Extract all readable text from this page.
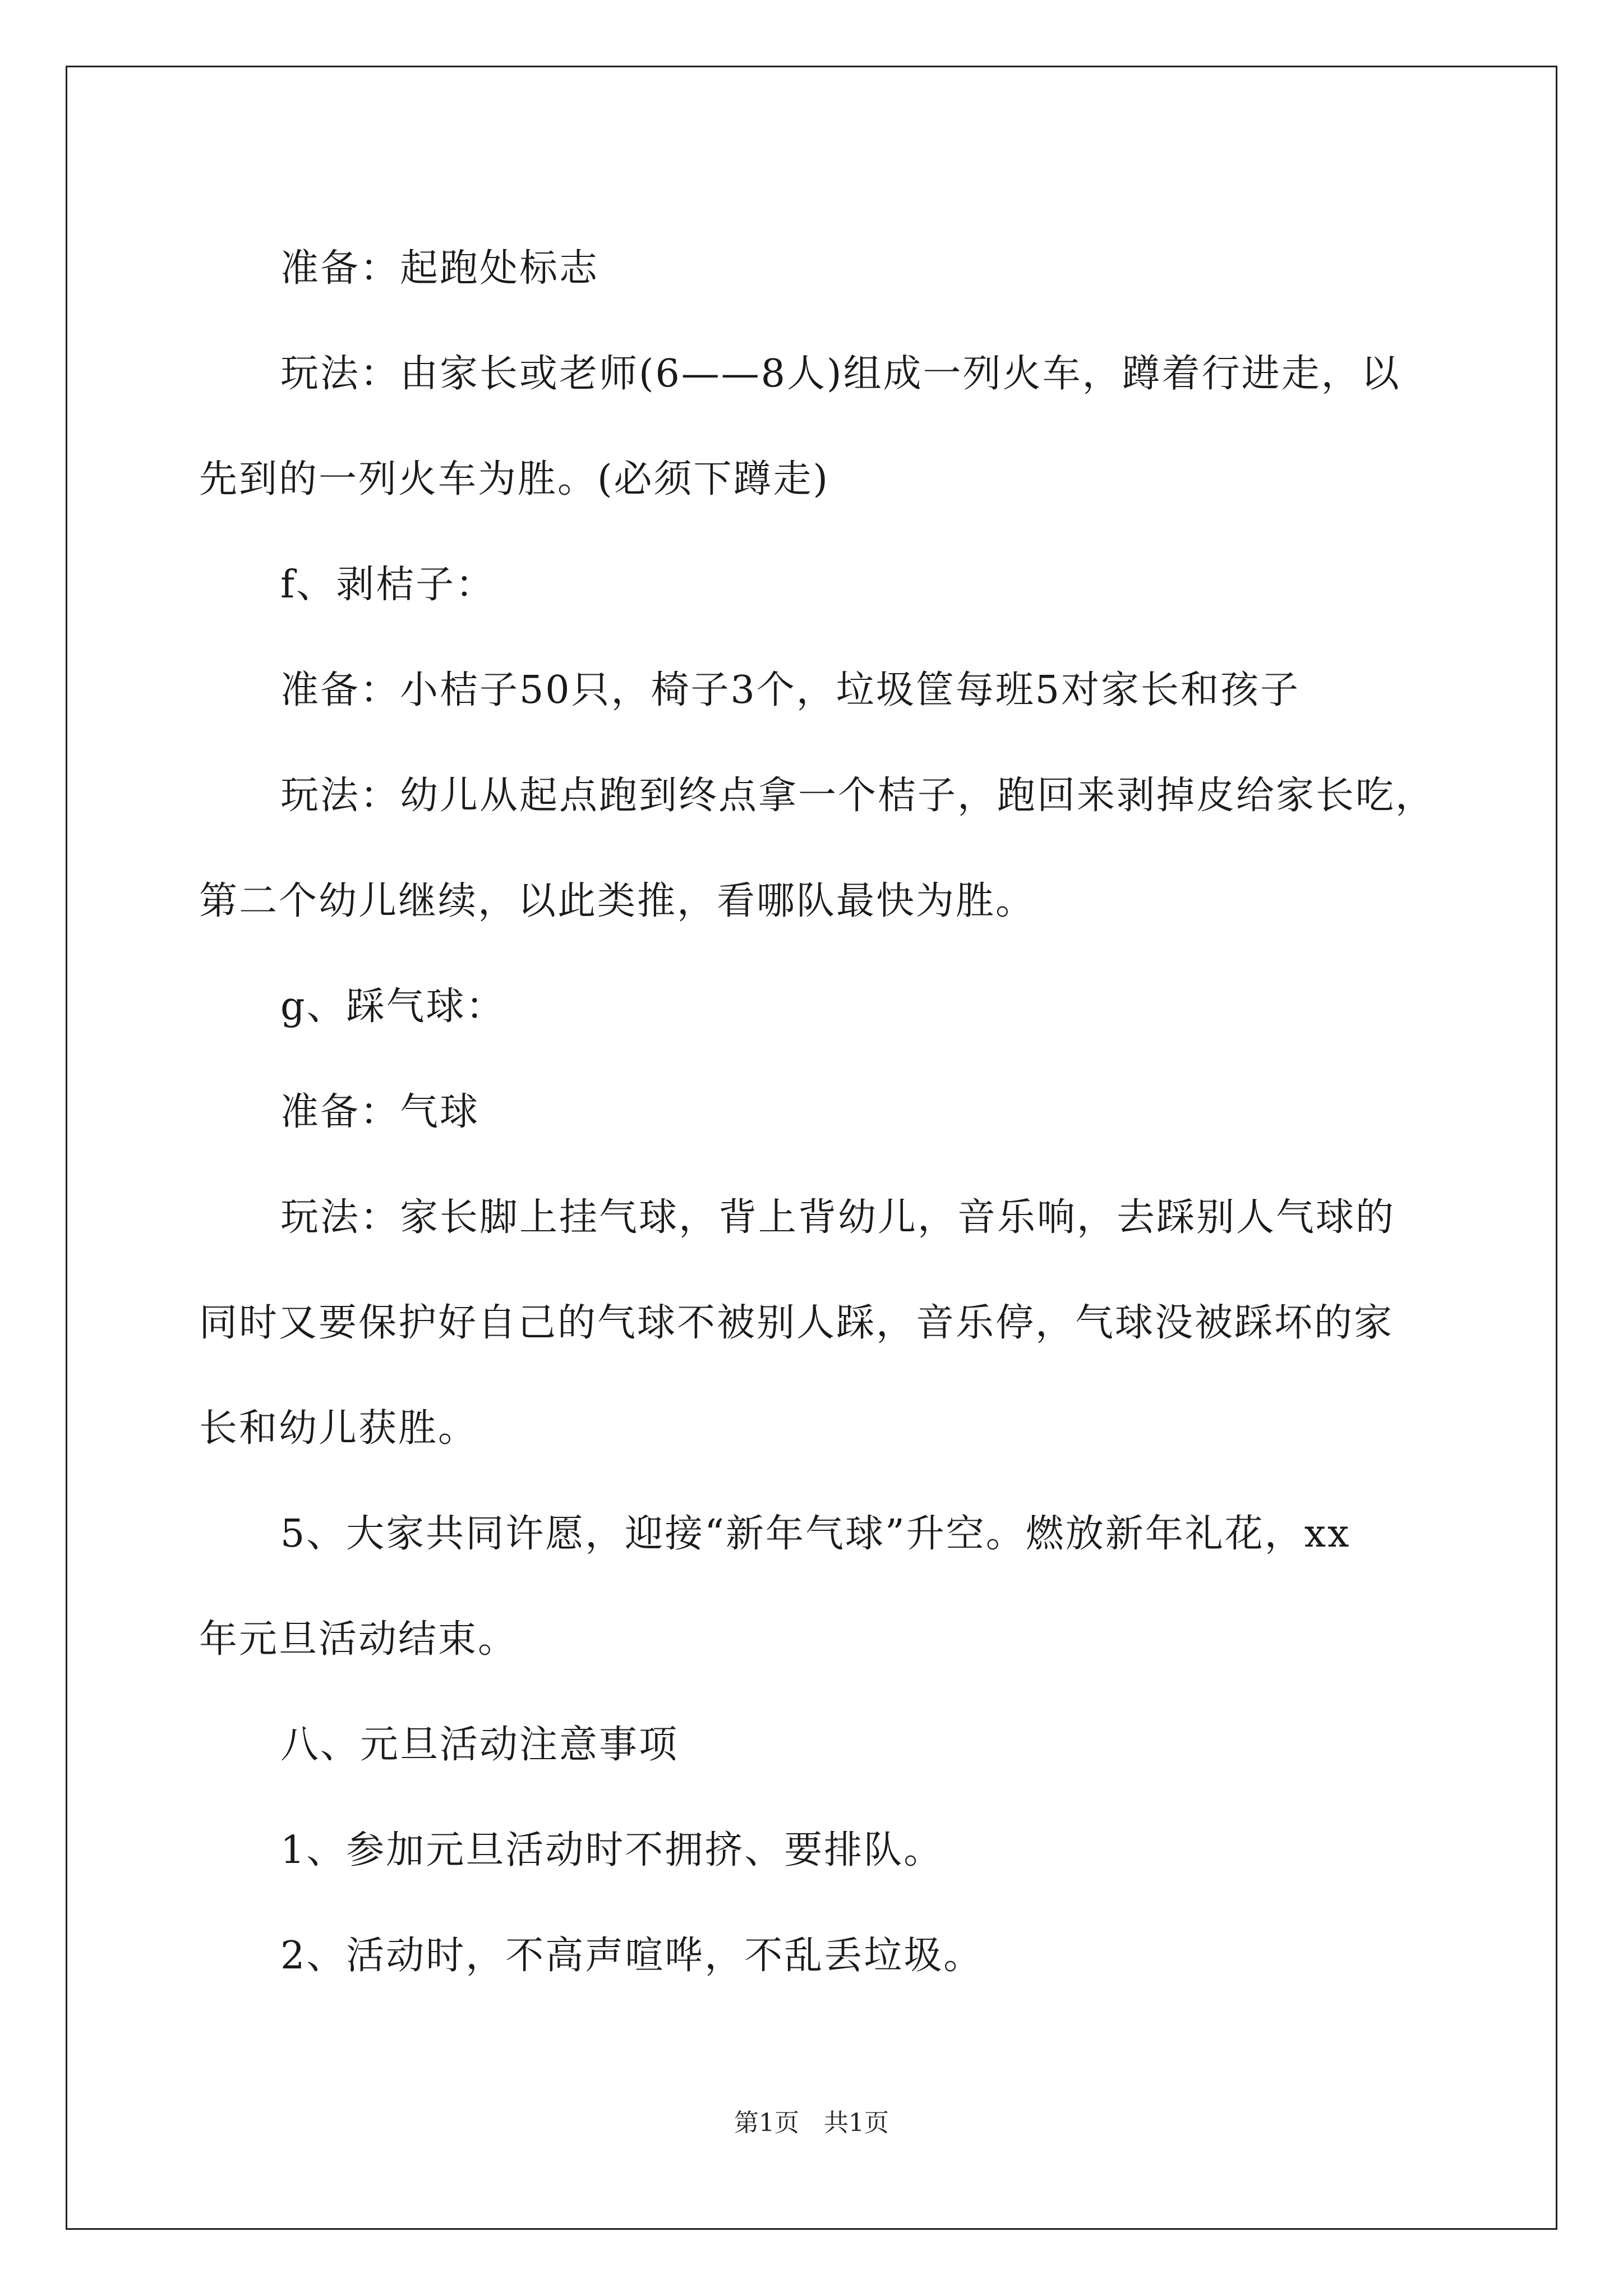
准备：起跑处标志

玩法：由家长或老师(6——8人)组成一列火车，蹲着行进走，以
先到的一列火车为胜。(必须下蹲走)

f、剥桔子：

准备：小桔子50只，椅子3个，垃圾筐每班5对家长和孩子

玩法：幼儿从起点跑到终点拿一个桔子，跑回来剥掉皮给家长吃，
第二个幼儿继续，以此类推，看哪队最快为胜。

g、踩气球：

准备：气球

玩法：家长脚上挂气球，背上背幼儿，音乐响，去踩别人气球的
同时又要保护好自己的气球不被别人踩，音乐停，气球没被踩坏的家
长和幼儿获胜。

5、大家共同许愿，迎接“新年气球”升空。燃放新年礼花，xx
年元旦活动结束。

八、元旦活动注意事项

1、参加元旦活动时不拥挤、要排队。

2、活动时，不高声喧哗，不乱丢垃圾。

第1页 共1页
